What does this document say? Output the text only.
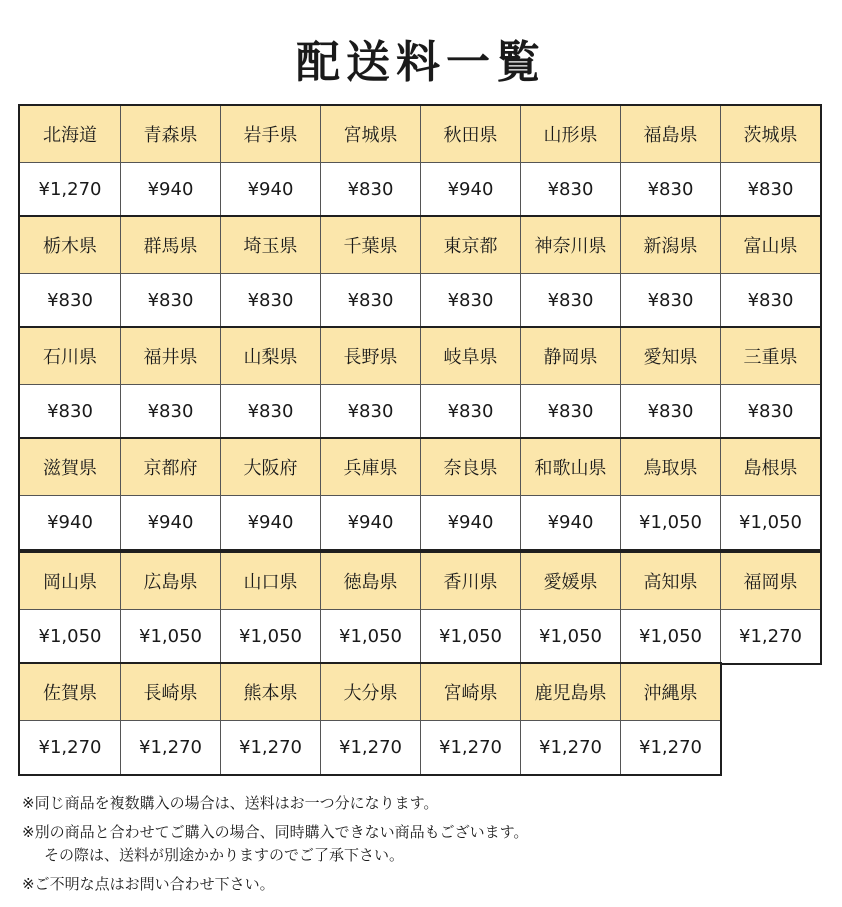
配送料一覧
北海道	青森県	岩手県	宮城県	秋田県	山形県	福島県	茨城県
¥1,270	¥940	¥940	¥830	¥940	¥830	¥830	¥830
栃木県	群馬県	埼玉県	千葉県	東京都	神奈川県	新潟県	富山県
¥830	¥830	¥830	¥830	¥830	¥830	¥830	¥830
石川県	福井県	山梨県	長野県	岐阜県	静岡県	愛知県	三重県
¥830	¥830	¥830	¥830	¥830	¥830	¥830	¥830
滋賀県	京都府	大阪府	兵庫県	奈良県	和歌山県	鳥取県	島根県
¥940	¥940	¥940	¥940	¥940	¥940	¥1,050	¥1,050
岡山県	広島県	山口県	徳島県	香川県	愛媛県	高知県	福岡県
¥1,050	¥1,050	¥1,050	¥1,050	¥1,050	¥1,050	¥1,050	¥1,270
佐賀県	長崎県	熊本県	大分県	宮崎県	鹿児島県	沖縄県
¥1,270	¥1,270	¥1,270	¥1,270	¥1,270	¥1,270	¥1,270

※同じ商品を複数購入の場合は、送料はお一つ分になります。

※別の商品と合わせてご購入の場合、同時購入できない商品もございます。
その際は、送料が別途かかりますのでご了承下さい。

※ご不明な点はお問い合わせ下さい。
